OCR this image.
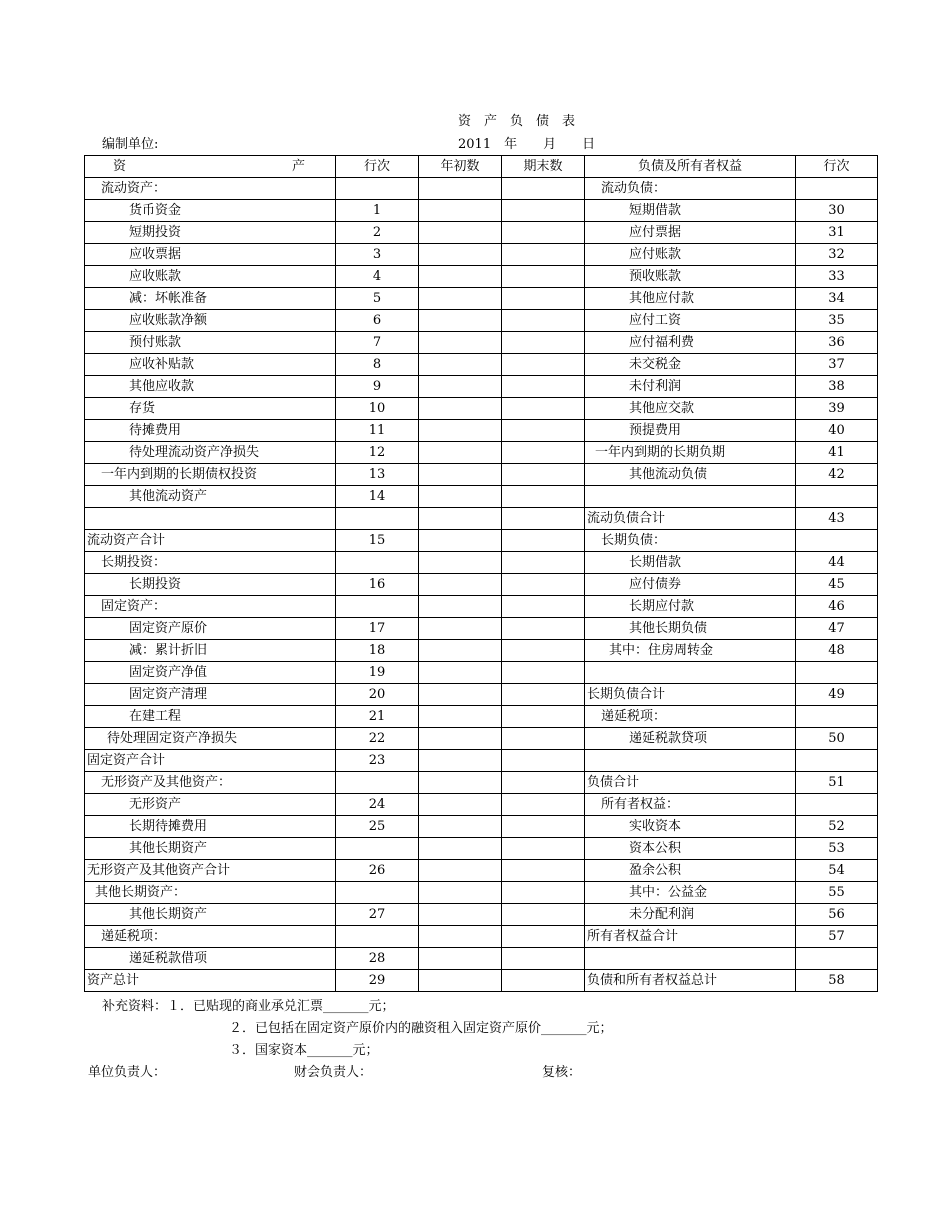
资　产　负　债　表
编制单位:	2011　年　　月　　日
资 产	行次	年初数	期末数	负债及所有者权益	行次
流动资产：				流动负债：	
货币资金	1			短期借款	30
短期投资	2			应付票据	31
应收票据	3			应付账款	32
应收账款	4			预收账款	33
减：坏帐准备	5			其他应付款	34
应收账款净额	6			应付工资	35
预付账款	7			应付福利费	36
应收补贴款	8			未交税金	37
其他应收款	9			未付利润	38
存货	10			其他应交款	39
待摊费用	11			预提费用	40
待处理流动资产净损失	12			一年内到期的长期负期	41
一年内到期的长期债权投资	13			其他流动负债	42
其他流动资产	14				
				流动负债合计	43
流动资产合计	15			长期负债：	
长期投资：				长期借款	44
长期投资	16			应付债券	45
固定资产：				长期应付款	46
固定资产原价	17			其他长期负债	47
减：累计折旧	18			其中：住房周转金	48
固定资产净值	19				
固定资产清理	20			长期负债合计	49
在建工程	21			递延税项：	
待处理固定资产净损失	22			递延税款贷项	50
固定资产合计	23				
无形资产及其他资产：				负债合计	51
无形资产	24			所有者权益：	
长期待摊费用	25			实收资本	52
其他长期资产				资本公积	53
无形资产及其他资产合计	26			盈余公积	54
其他长期资产：				其中：公益金	55
其他长期资产	27			未分配利润	56
递延税项：				所有者权益合计	57
递延税款借项	28				
资产总计	29			负债和所有者权益总计	58
补充资料：１．已贴现的商业承兑汇票_______元；
２．已包括在固定资产原价内的融资租入固定资产原价_______元；
３．国家资本_______元；
单位负责人：	财会负责人：	复核：
